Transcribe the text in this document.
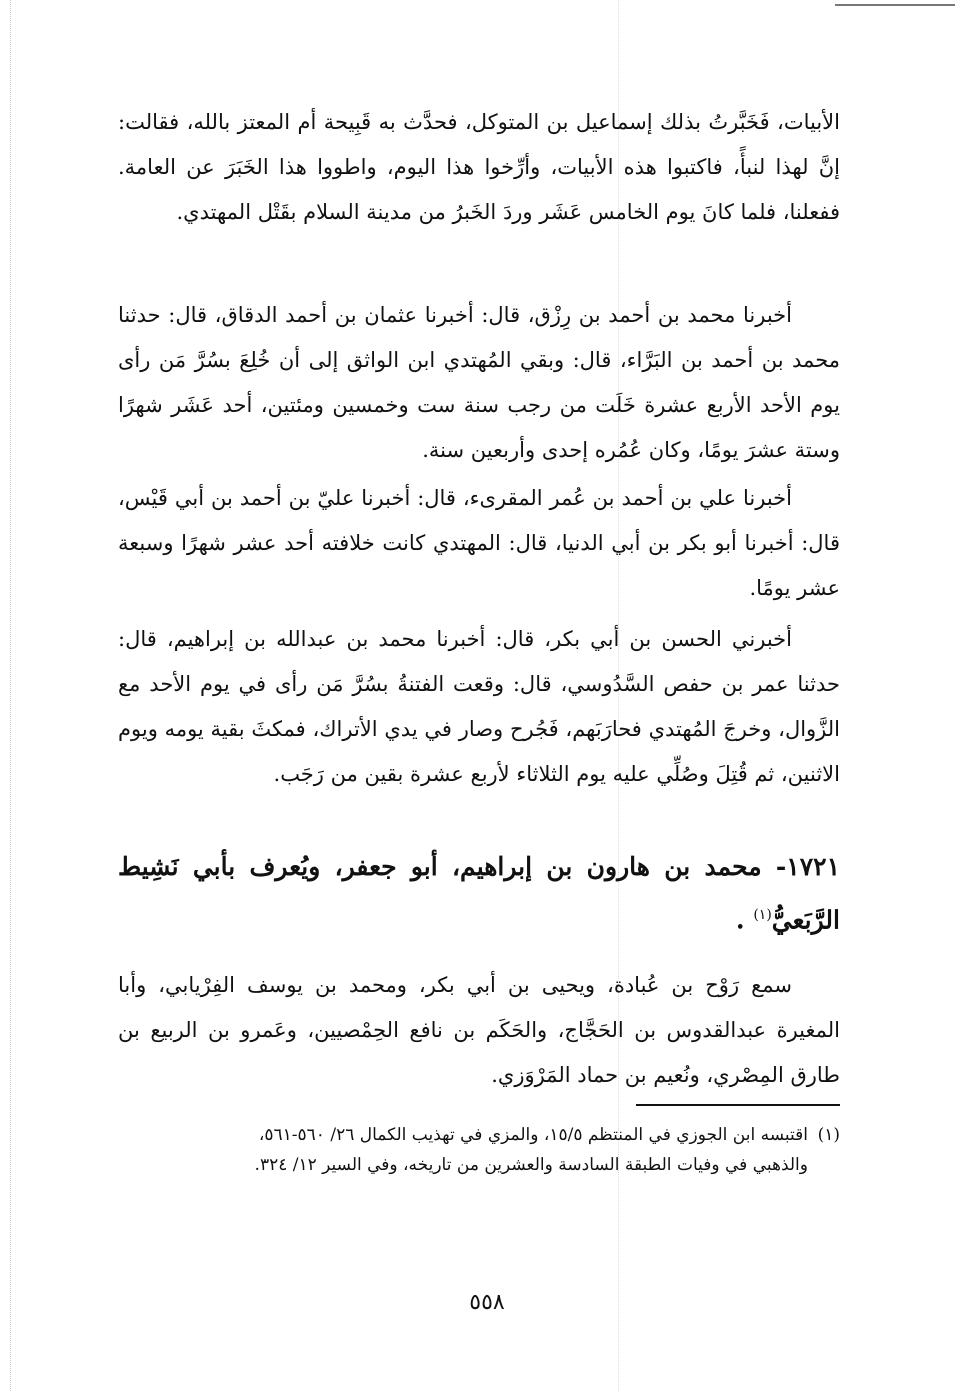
الأبيات، فَخَبَّرتُ بذلك إسماعيل بن المتوكل، فحدَّث به قَبِيحة أم المعتز بالله، فقالت: إنَّ لهذا لنبأً، فاكتبوا هذه الأبيات، وأرِّخوا هذا اليوم، واطووا هذا الخَبَرَ عن العامة. ففعلنا، فلما كانَ يوم الخامس عَشَر وردَ الخَبرُ من مدينة السلام بقَتْل المهتدي.

أخبرنا محمد بن أحمد بن رِزْق، قال: أخبرنا عثمان بن أحمد الدقاق، قال: حدثنا محمد بن أحمد بن البَرَّاء، قال: وبقي المُهتدي ابن الواثق إلى أن خُلِعَ بسُرَّ مَن رأى يوم الأحد الأربع عشرة خَلَت من رجب سنة ست وخمسين ومئتين، أحد عَشَر شهرًا وستة عشرَ يومًا، وكان عُمُره إحدى وأربعين سنة.

أخبرنا علي بن أحمد بن عُمر المقرىء، قال: أخبرنا عليّ بن أحمد بن أبي قَيْس، قال: أخبرنا أبو بكر بن أبي الدنيا، قال: المهتدي كانت خلافته أحد عشر شهرًا وسبعة عشر يومًا.

أخبرني الحسن بن أبي بكر، قال: أخبرنا محمد بن عبدالله بن إبراهيم، قال: حدثنا عمر بن حفص السَّدُوسي، قال: وقعت الفتنةُ بسُرَّ مَن رأى في يوم الأحد مع الزَّوال، وخرجَ المُهتدي فحارَبَهم، فَجُرح وصار في يدي الأتراك، فمكثَ بقية يومه ويوم الاثنين، ثم قُتِلَ وصُلِّي عليه يوم الثلاثاء لأربع عشرة بقين من رَجَب.

١٧٢١- محمد بن هارون بن إبراهيم، أبو جعفر، ويُعرف بأبي نَشِيط الرَّبَعيُّ$^{(١)}$ .

سمع رَوْح بن عُبادة، ويحيى بن أبي بكر، ومحمد بن يوسف الفِرْيابي، وأبا المغيرة عبدالقدوس بن الحَجَّاج، والحَكَم بن نافع الحِمْصيين، وعَمرو بن الربيع بن طارق المِصْري، ونُعيم بن حماد المَرْوَزي.

(١)اقتبسه ابن الجوزي في المنتظم ١٥/٥، والمزي في تهذيب الكمال ٢٦/ ٥٦٠-٥٦١،
والذهبي في وفيات الطبقة السادسة والعشرين من تاريخه، وفي السير ١٢/ ٣٢٤.
٥٥٨
